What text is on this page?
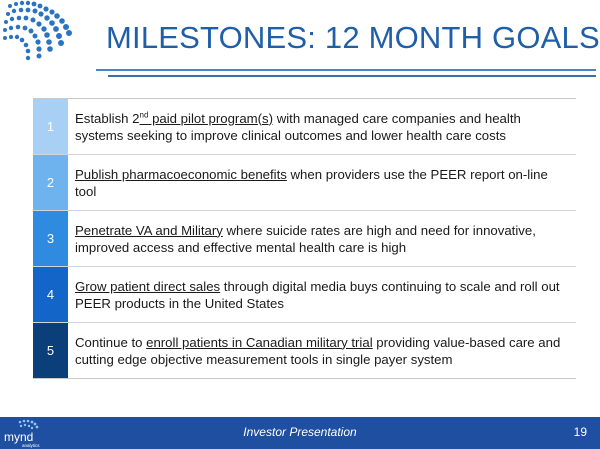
MILESTONES: 12 MONTH GOALS
1

Establish 2nd paid pilot program(s) with managed care companies and health systems seeking to improve clinical outcomes and lower health care costs

2

Publish pharmacoeconomic benefits when providers use the PEER report on-line tool

3

Penetrate VA and Military where suicide rates are high and need for innovative, improved access and effective mental health care is high

4

Grow patient direct sales through digital media buys continuing to scale and roll out PEER products in the United States

5

Continue to enroll patients in Canadian military trial providing value-based care and cutting edge objective measurement tools in single payer system

mynd
analytics
Investor Presentation	19
